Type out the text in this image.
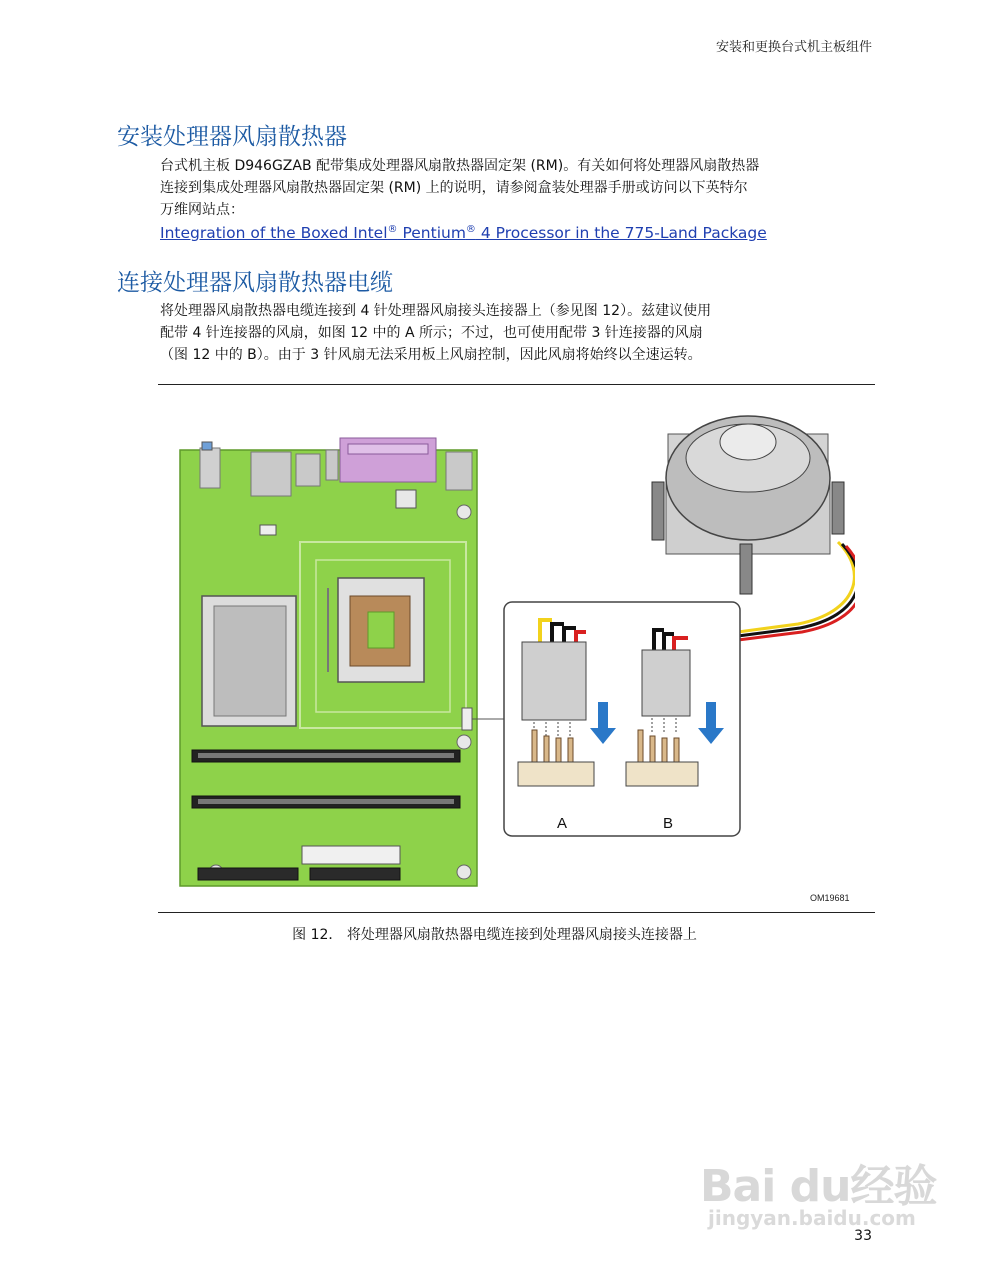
安装和更换台式机主板组件
安装处理器风扇散热器

台式机主板 D946GZAB 配带集成处理器风扇散热器固定架 (RM)。有关如何将处理器风扇散热器
连接到集成处理器风扇散热器固定架 (RM) 上的说明，请参阅盒装处理器手册或访问以下英特尔
万维网站点：

Integration of the Boxed Intel® Pentium® 4 Processor in the 775-Land Package
连接处理器风扇散热器电缆

将处理器风扇散热器电缆连接到 4 针处理器风扇接头连接器上（参见图 12）。兹建议使用
配带 4 针连接器的风扇，如图 12 中的 A 所示；不过，也可使用配带 3 针连接器的风扇
（图 12 中的 B）。由于 3 针风扇无法采用板上风扇控制，因此风扇将始终以全速运转。

A	B
OM19681
图 12． 将处理器风扇散热器电缆连接到处理器风扇接头连接器上
Bai du经验
jingyan.baidu.com
33
